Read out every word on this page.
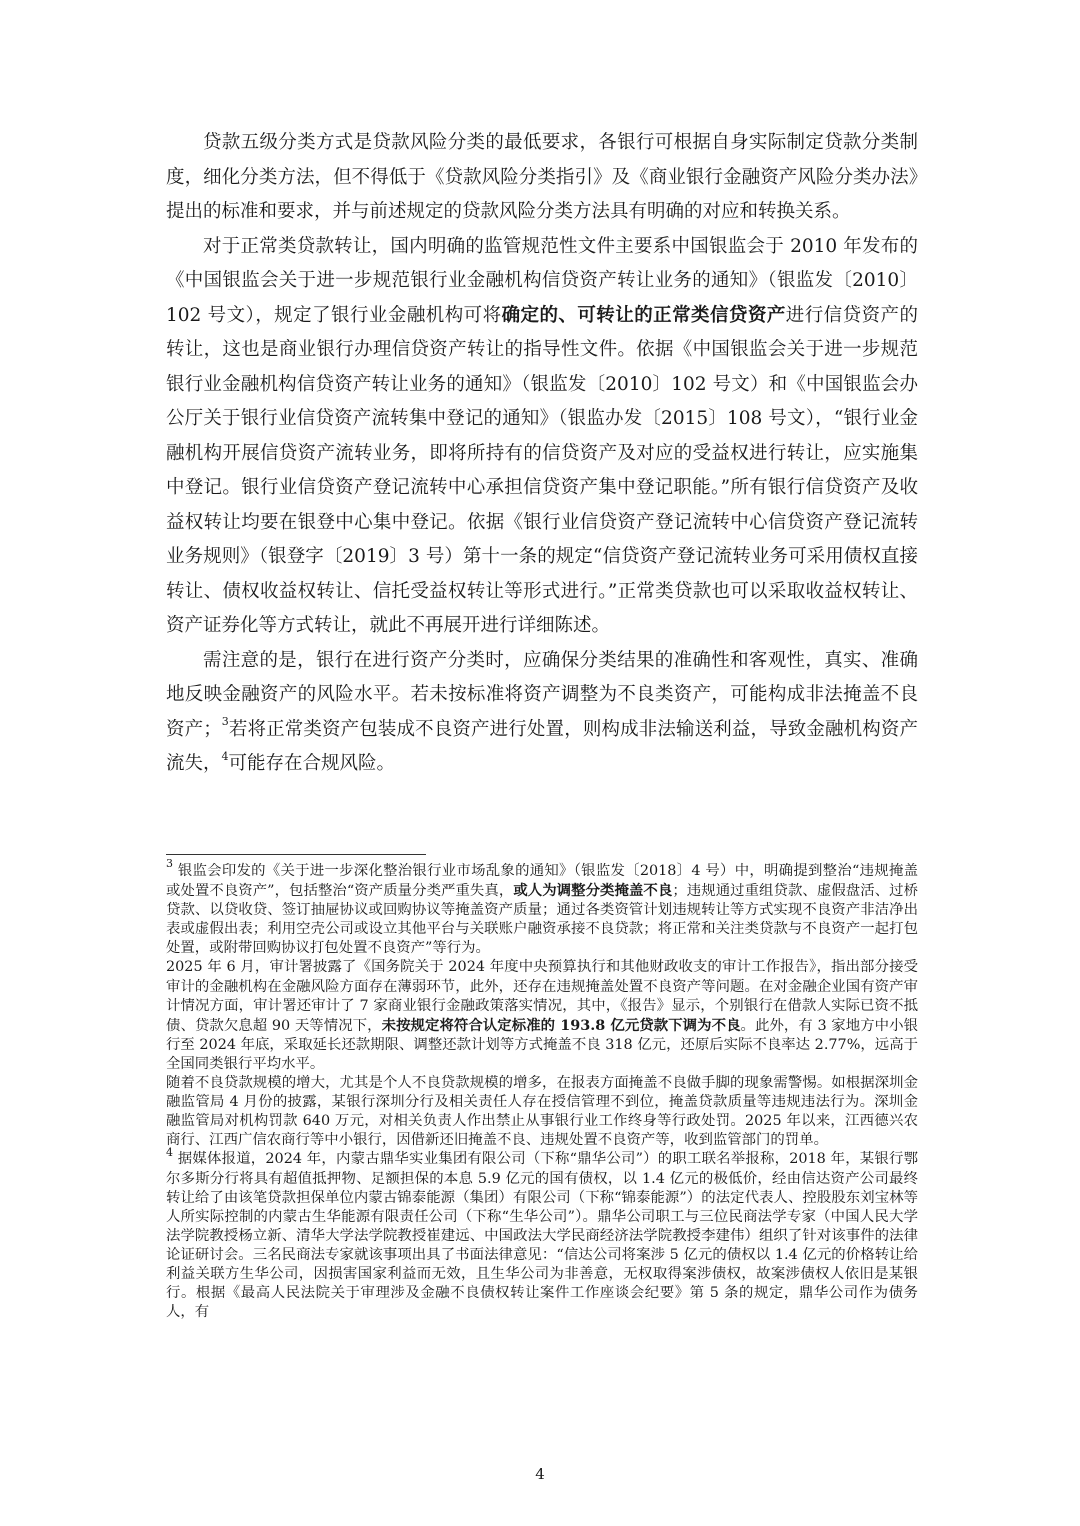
贷款五级分类方式是贷款风险分类的最低要求，各银行可根据自身实际制定贷款分类制度，细化分类方法，但不得低于《贷款风险分类指引》及《商业银行金融资产风险分类办法》提出的标准和要求，并与前述规定的贷款风险分类方法具有明确的对应和转换关系。

对于正常类贷款转让，国内明确的监管规范性文件主要系中国银监会于 2010 年发布的《中国银监会关于进一步规范银行业金融机构信贷资产转让业务的通知》（银监发〔2010〕102 号文），规定了银行业金融机构可将确定的、可转让的正常类信贷资产进行信贷资产的转让，这也是商业银行办理信贷资产转让的指导性文件。依据《中国银监会关于进一步规范银行业金融机构信贷资产转让业务的通知》（银监发〔2010〕102 号文）和《中国银监会办公厅关于银行业信贷资产流转集中登记的通知》（银监办发〔2015〕108 号文），“银行业金融机构开展信贷资产流转业务，即将所持有的信贷资产及对应的受益权进行转让，应实施集中登记。银行业信贷资产登记流转中心承担信贷资产集中登记职能。”所有银行信贷资产及收益权转让均要在银登中心集中登记。依据《银行业信贷资产登记流转中心信贷资产登记流转业务规则》（银登字〔2019〕3 号）第十一条的规定“信贷资产登记流转业务可采用债权直接转让、债权收益权转让、信托受益权转让等形式进行。”正常类贷款也可以采取收益权转让、资产证券化等方式转让，就此不再展开进行详细陈述。

需注意的是，银行在进行资产分类时，应确保分类结果的准确性和客观性，真实、准确地反映金融资产的风险水平。若未按标准将资产调整为不良类资产，可能构成非法掩盖不良资产；$^3$若将正常类资产包装成不良资产进行处置，则构成非法输送利益，导致金融机构资产流失，$^4$可能存在合规风险。

$^3$ 银监会印发的《关于进一步深化整治银行业市场乱象的通知》（银监发〔2018〕4 号）中，明确提到整治“违规掩盖或处置不良资产”，包括整治“资产质量分类严重失真，或人为调整分类掩盖不良；违规通过重组贷款、虚假盘活、过桥贷款、以贷收贷、签订抽屉协议或回购协议等掩盖资产质量；通过各类资管计划违规转让等方式实现不良资产非洁净出表或虚假出表；利用空壳公司或设立其他平台与关联账户融资承接不良贷款；将正常和关注类贷款与不良资产一起打包处置，或附带回购协议打包处置不良资产”等行为。

2025 年 6 月，审计署披露了《国务院关于 2024 年度中央预算执行和其他财政收支的审计工作报告》，指出部分接受审计的金融机构在金融风险方面存在薄弱环节，此外，还存在违规掩盖处置不良资产等问题。在对金融企业国有资产审计情况方面，审计署还审计了 7 家商业银行金融政策落实情况，其中，《报告》显示，个别银行在借款人实际已资不抵债、贷款欠息超 90 天等情况下，未按规定将符合认定标准的 193.8 亿元贷款下调为不良。此外，有 3 家地方中小银行至 2024 年底，采取延长还款期限、调整还款计划等方式掩盖不良 318 亿元，还原后实际不良率达 2.77%，远高于全国同类银行平均水平。

随着不良贷款规模的增大，尤其是个人不良贷款规模的增多，在报表方面掩盖不良做手脚的现象需警惕。如根据深圳金融监管局 4 月份的披露，某银行深圳分行及相关责任人存在授信管理不到位，掩盖贷款质量等违规违法行为。深圳金融监管局对机构罚款 640 万元，对相关负责人作出禁止从事银行业工作终身等行政处罚。2025 年以来，江西德兴农商行、江西广信农商行等中小银行，因借新还旧掩盖不良、违规处置不良资产等，收到监管部门的罚单。

$^4$ 据媒体报道，2024 年，内蒙古鼎华实业集团有限公司（下称“鼎华公司”）的职工联名举报称，2018 年，某银行鄂尔多斯分行将具有超值抵押物、足额担保的本息 5.9 亿元的国有债权，以 1.4 亿元的极低价，经由信达资产公司最终转让给了由该笔贷款担保单位内蒙古锦泰能源（集团）有限公司（下称“锦泰能源”）的法定代表人、控股股东刘宝林等人所实际控制的内蒙古生华能源有限责任公司（下称“生华公司”）。鼎华公司职工与三位民商法学专家（中国人民大学法学院教授杨立新、清华大学法学院教授崔建远、中国政法大学民商经济法学院教授李建伟）组织了针对该事件的法律论证研讨会。三名民商法专家就该事项出具了书面法律意见：“信达公司将案涉 5 亿元的债权以 1.4 亿元的价格转让给利益关联方生华公司，因损害国家利益而无效，且生华公司为非善意，无权取得案涉债权，故案涉债权人依旧是某银行。根据《最高人民法院关于审理涉及金融不良债权转让案件工作座谈会纪要》第 5 条的规定，鼎华公司作为债务人，有

4
